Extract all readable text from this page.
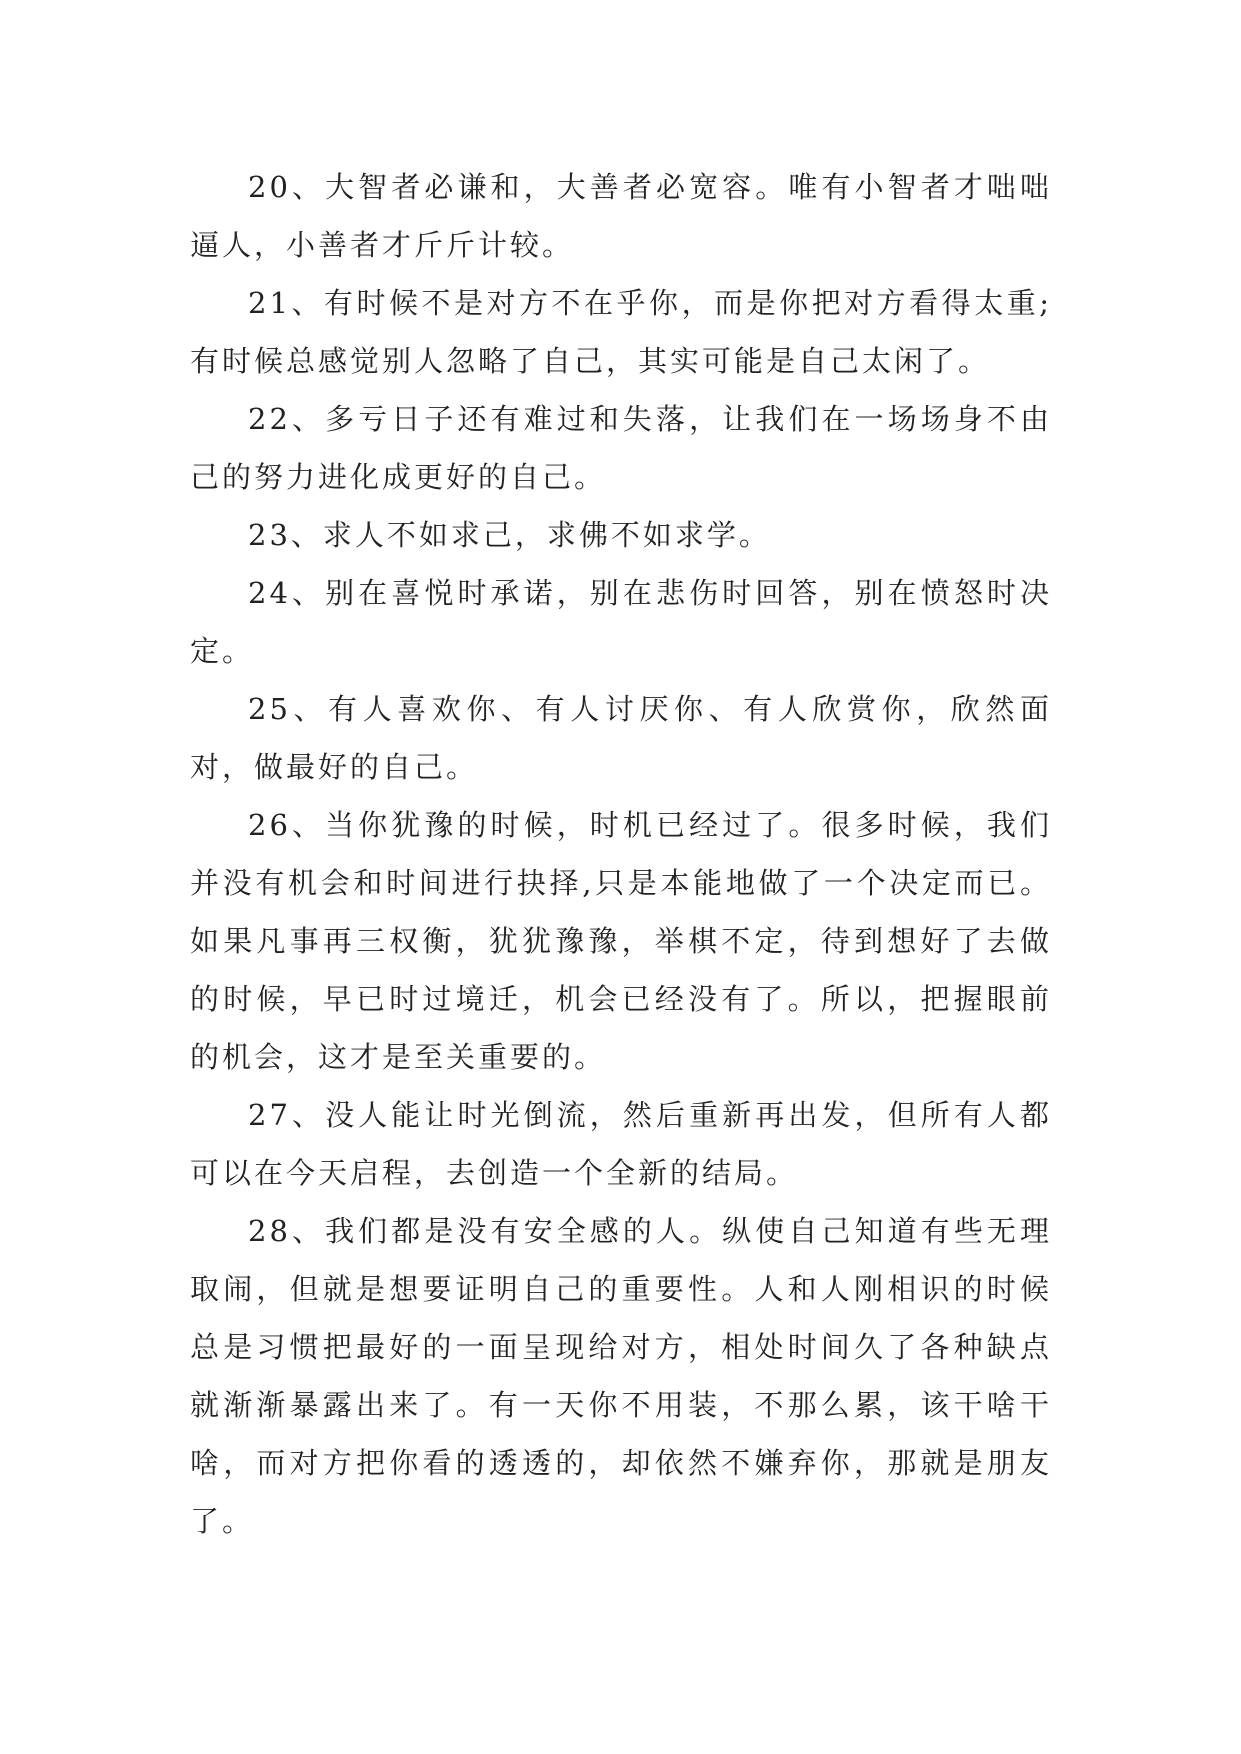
20、大智者必谦和，大善者必宽容。唯有小智者才咄咄逼人，小善者才斤斤计较。

21、有时候不是对方不在乎你，而是你把对方看得太重;有时候总感觉别人忽略了自己，其实可能是自己太闲了。

22、多亏日子还有难过和失落，让我们在一场场身不由己的努力进化成更好的自己。

23、求人不如求己，求佛不如求学。

24、别在喜悦时承诺，别在悲伤时回答，别在愤怒时决定。

25、有人喜欢你、有人讨厌你、有人欣赏你，欣然面对，做最好的自己。

26、当你犹豫的时候，时机已经过了。很多时候，我们并没有机会和时间进行抉择,只是本能地做了一个决定而已。如果凡事再三权衡，犹犹豫豫，举棋不定，待到想好了去做的时候，早已时过境迁，机会已经没有了。所以，把握眼前的机会，这才是至关重要的。

27、没人能让时光倒流，然后重新再出发，但所有人都可以在今天启程，去创造一个全新的结局。

28、我们都是没有安全感的人。纵使自己知道有些无理取闹，但就是想要证明自己的重要性。人和人刚相识的时候总是习惯把最好的一面呈现给对方，相处时间久了各种缺点就渐渐暴露出来了。有一天你不用装，不那么累，该干啥干啥，而对方把你看的透透的，却依然不嫌弃你，那就是朋友了。
